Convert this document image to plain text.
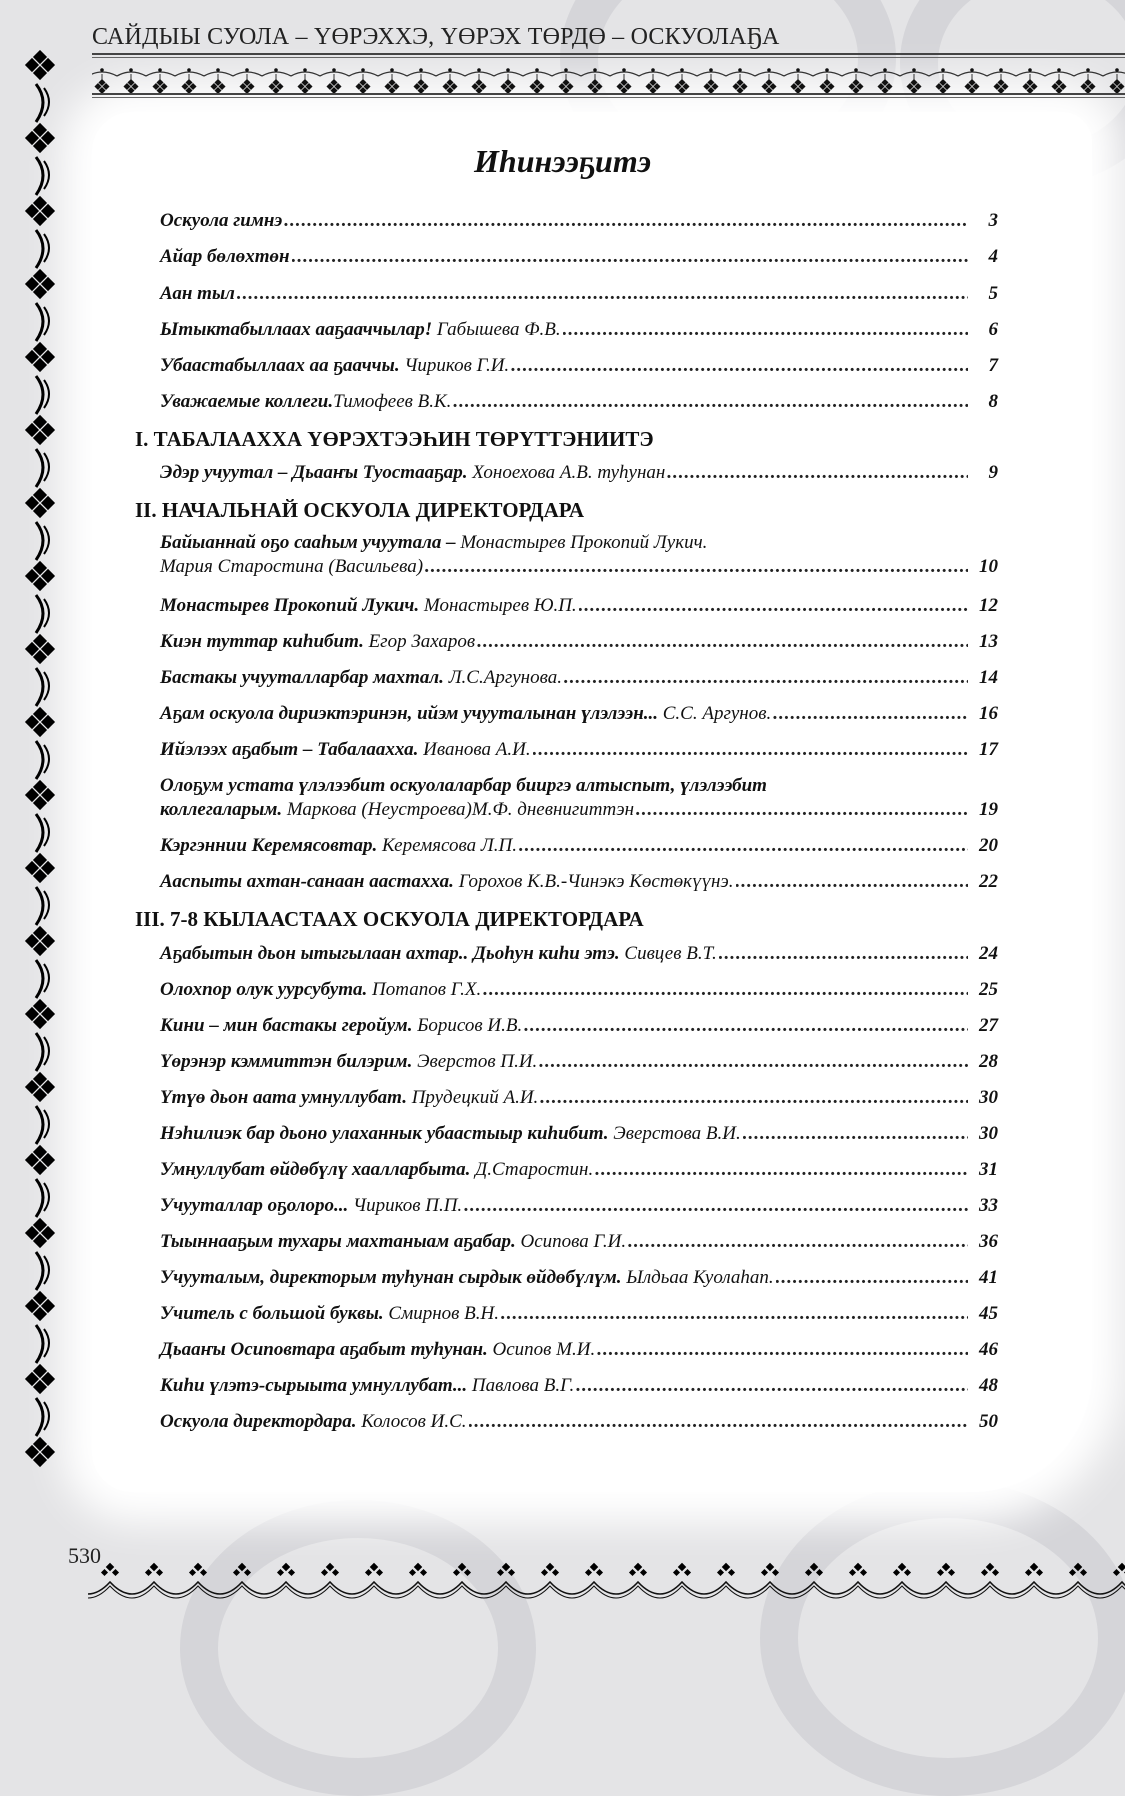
САЙДЫЫ СУОЛА – ҮӨРЭХХЭ, ҮӨРЭХ ТӨРДӨ – ОСКУОЛАҔА
Иһинээҕитэ
Оскуола гимнэ .....	3
Айар бөлөхтөн .....	4
Аан тыл .....	5
Ытыктабыллаах ааҕааччылар! Габышева Ф.В. .....	6
Убаастабыллаах аа ҕааччы. Чириков Г.И. .....	7
Уважаемые коллеги.Тимофеев В.К. .....	8
I. ТАБАЛААХХА ҮӨРЭХТЭЭҺИН ТӨРҮТТЭНИИТЭ
Эдэр учуутал – Дьааҥы Туостааҕар. Хоноехова А.В. туһунан .....	9
II. НАЧАЛЬНАЙ ОСКУОЛА ДИРЕКТОРДАРА
Байыаннай оҕо сааһым учуутала – Монастырев Прокопий Лукич.
Мария Старостина (Васильева) .....	10
Монастырев Прокопий Лукич. Монастырев Ю.П. .....	12
Киэн туттар киһибит. Егор Захаров .....	13
Бастакы учууталларбар махтал. Л.С.Аргунова. .....	14
Аҕам оскуола дириэктэринэн, ийэм учууталынан үлэлээн... С.С. Аргунов. .....	16
Ийэлээх аҕабыт – Табалаахха. Иванова А.И. .....	17
Олоҕум устата үлэлээбит оскуолаларбар бииргэ алтыспыт, үлэлээбит
коллегаларым. Маркова (Неустроева)М.Ф. дневнигиттэн .....	19
Кэргэннии Керемясовтар. Керемясова Л.П. .....	20
Ааспыты ахтан-санаан аастахха. Горохов К.В.-Чинэкэ Көстөкүүнэ. .....	22
III. 7-8 КЫЛААСТААХ ОСКУОЛА ДИРЕКТОРДАРА
Аҕабытын дьон ытыгылаан ахтар.. Дьоһун киһи этэ. Сивцев В.Т. .....	24
Олохпор олук уурсубута. Потапов Г.Х. .....	25
Кини – мин бастакы геройум. Борисов И.В. .....	27
Үөрэнэр кэммиттэн билэрим. Эверстов П.И. .....	28
Үтүө дьон аата умнуллубат. Прудецкий А.И. .....	30
Нэһилиэк бар дьоно улаханнык убаастыыр киһибит. Эверстова В.И. .....	30
Умнуллубат өйдөбүлү хаалларбыта. Д.Старостин. .....	31
Учууталлар оҕолоро... Чириков П.П. .....	33
Тыыннааҕым тухары махтаныам аҕабар. Осипова Г.И. .....	36
Учууталым, директорым туһунан сырдык өйдөбүлүм. Ылдьаа Куолаһап. .....	41
Учитель с большой буквы. Смирнов В.Н. .....	45
Дьааҥы Осиповтара аҕабыт туһунан. Осипов М.И. .....	46
Киһи үлэтэ-сырыыта умнуллубат... Павлова В.Г. .....	48
Оскуола директордара. Колосов И.С. .....	50
530
